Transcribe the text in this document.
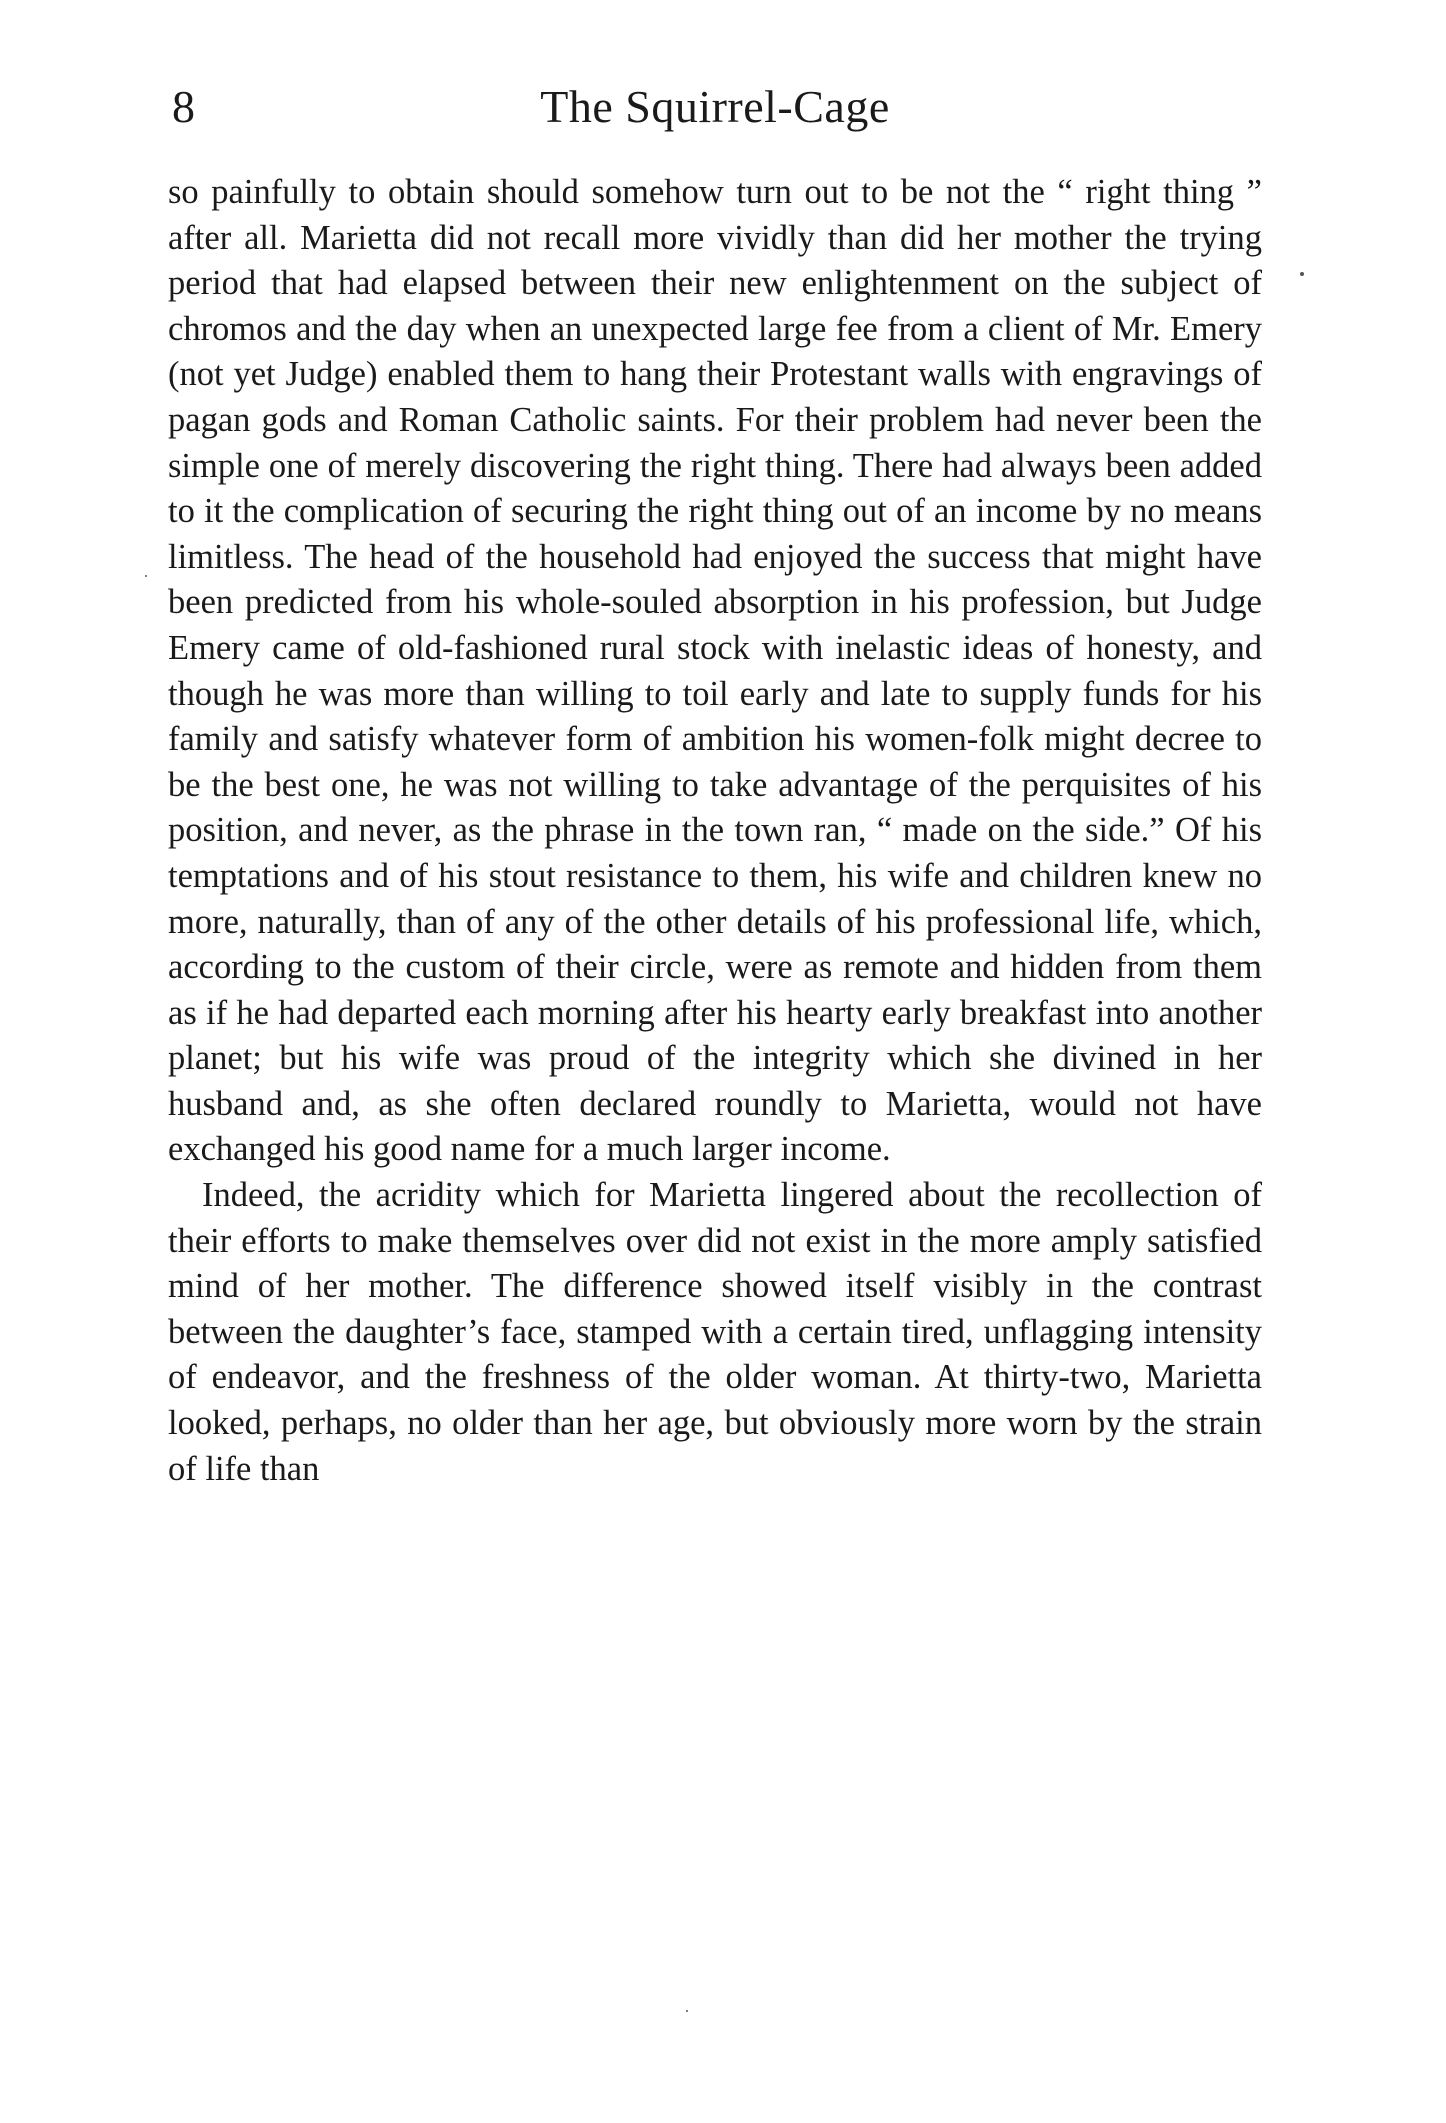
8	The Squirrel-Cage

so painfully to obtain should somehow turn out to be not the “ right thing ” after all. Marietta did not recall more vividly than did her mother the trying period that had elapsed between their new enlightenment on the subject of chromos and the day when an unexpected large fee from a client of Mr. Emery (not yet Judge) enabled them to hang their Protestant walls with engravings of pagan gods and Roman Catholic saints. For their problem had never been the simple one of merely discovering the right thing. There had always been added to it the complication of securing the right thing out of an income by no means limitless. The head of the household had enjoyed the success that might have been predicted from his whole-souled absorption in his profession, but Judge Emery came of old-fashioned rural stock with inelastic ideas of honesty, and though he was more than willing to toil early and late to supply funds for his family and satisfy whatever form of ambition his women-folk might decree to be the best one, he was not willing to take advantage of the perquisites of his position, and never, as the phrase in the town ran, “ made on the side.” Of his temptations and of his stout resistance to them, his wife and children knew no more, naturally, than of any of the other details of his professional life, which, according to the custom of their circle, were as remote and hidden from them as if he had departed each morning after his hearty early breakfast into another planet; but his wife was proud of the integrity which she divined in her husband and, as she often declared roundly to Marietta, would not have exchanged his good name for a much larger income.

Indeed, the acridity which for Marietta lingered about the recollection of their efforts to make themselves over did not exist in the more amply satisfied mind of her mother. The difference showed itself visibly in the contrast between the daughter’s face, stamped with a certain tired, unflagging intensity of endeavor, and the freshness of the older woman. At thirty-two, Marietta looked, perhaps, no older than her age, but obviously more worn by the strain of life than
